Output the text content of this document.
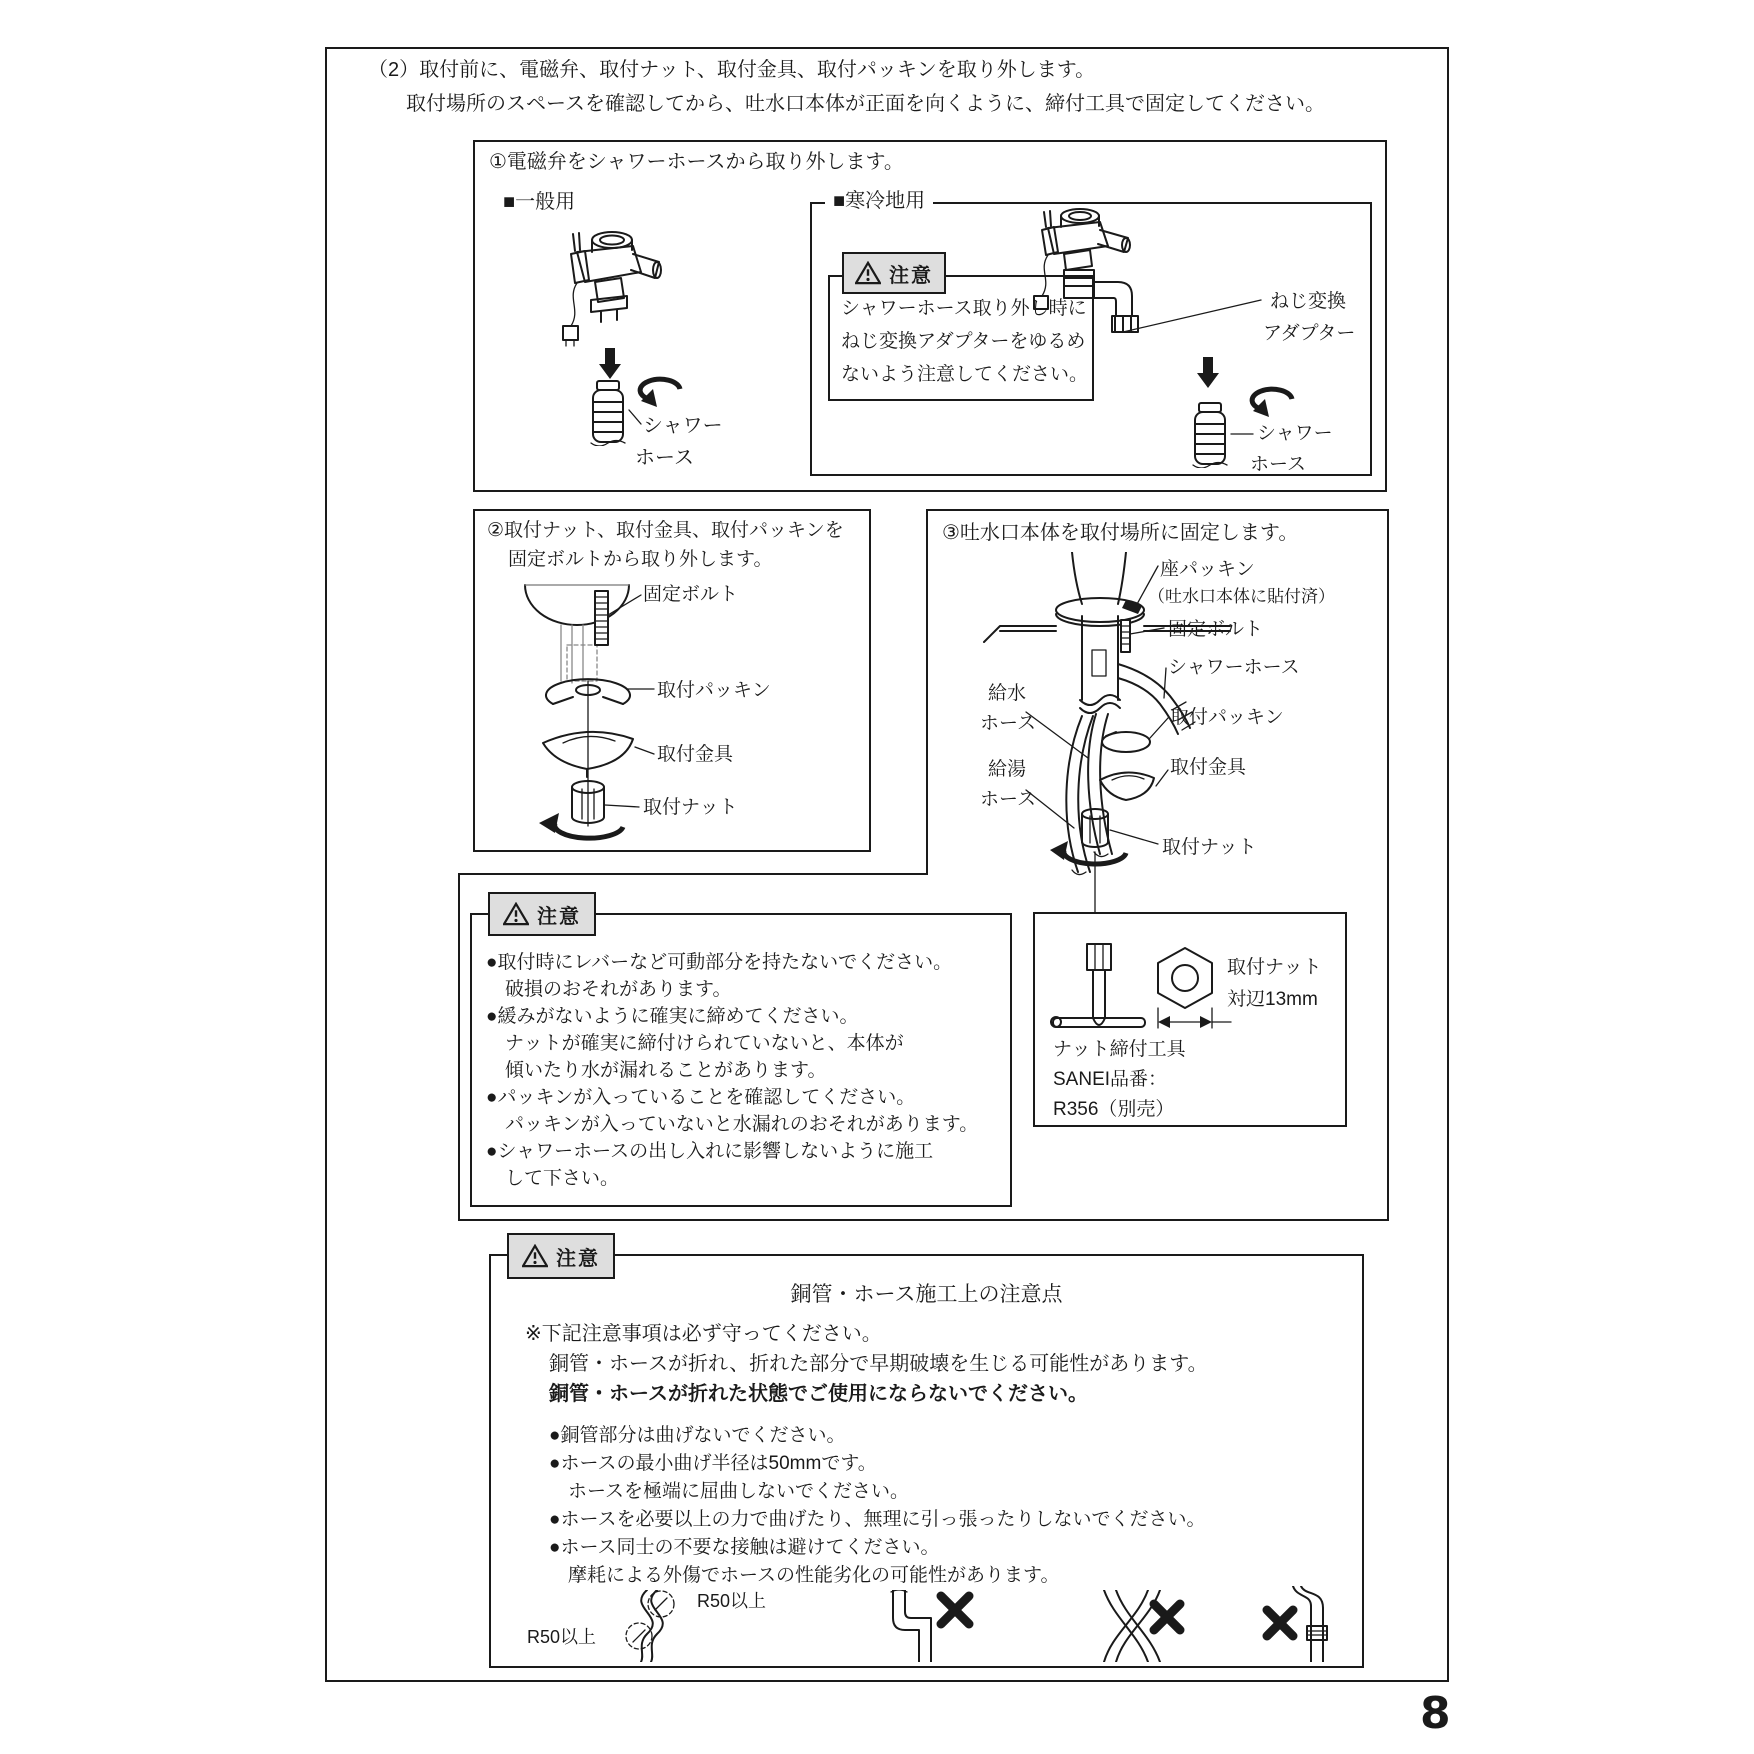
（2）取付前に、電磁弁、取付ナット、取付金具、取付パッキンを取り外します。
取付場所のスペースを確認してから、吐水口本体が正面を向くように、締付工具で固定してください。
①電磁弁をシャワーホースから取り外します。
■一般用
シャワー
ホース
■寒冷地用
注意
シャワーホース取り外し時に
ねじ変換アダプターをゆるめ
ないよう注意してください。
ねじ変換
アダプター
シャワー
ホース
②取付ナット、取付金具、取付パッキンを
固定ボルトから取り外します。
固定ボルト
取付パッキン
取付金具
取付ナット
③吐水口本体を取付場所に固定します。
座パッキン
（吐水口本体に貼付済）
固定ボルト
シャワーホース
給水
ホース	取付パッキン
給湯
ホース
取付金具
取付ナット
注意
●取付時にレバーなど可動部分を持たないでください。
　破損のおそれがあります。
●緩みがないように確実に締めてください。
　ナットが確実に締付けられていないと、本体が
　傾いたり水が漏れることがあります。
●パッキンが入っていることを確認してください。
　パッキンが入っていないと水漏れのおそれがあります。
●シャワーホースの出し入れに影響しないように施工
　して下さい。
取付ナット
対辺13mm
ナット締付工具
SANEI品番：
R356（別売）
銅管・ホース施工上の注意点
※下記注意事項は必ず守ってください。
銅管・ホースが折れ、折れた部分で早期破壊を生じる可能性があります。
銅管・ホースが折れた状態でご使用にならないでください。
●銅管部分は曲げないでください。
●ホースの最小曲げ半径は50mmです。
　ホースを極端に屈曲しないでください。
●ホースを必要以上の力で曲げたり、無理に引っ張ったりしないでください。
●ホース同士の不要な接触は避けてください。
　摩耗による外傷でホースの性能劣化の可能性があります。
R50以上
R50以上
注意
8
